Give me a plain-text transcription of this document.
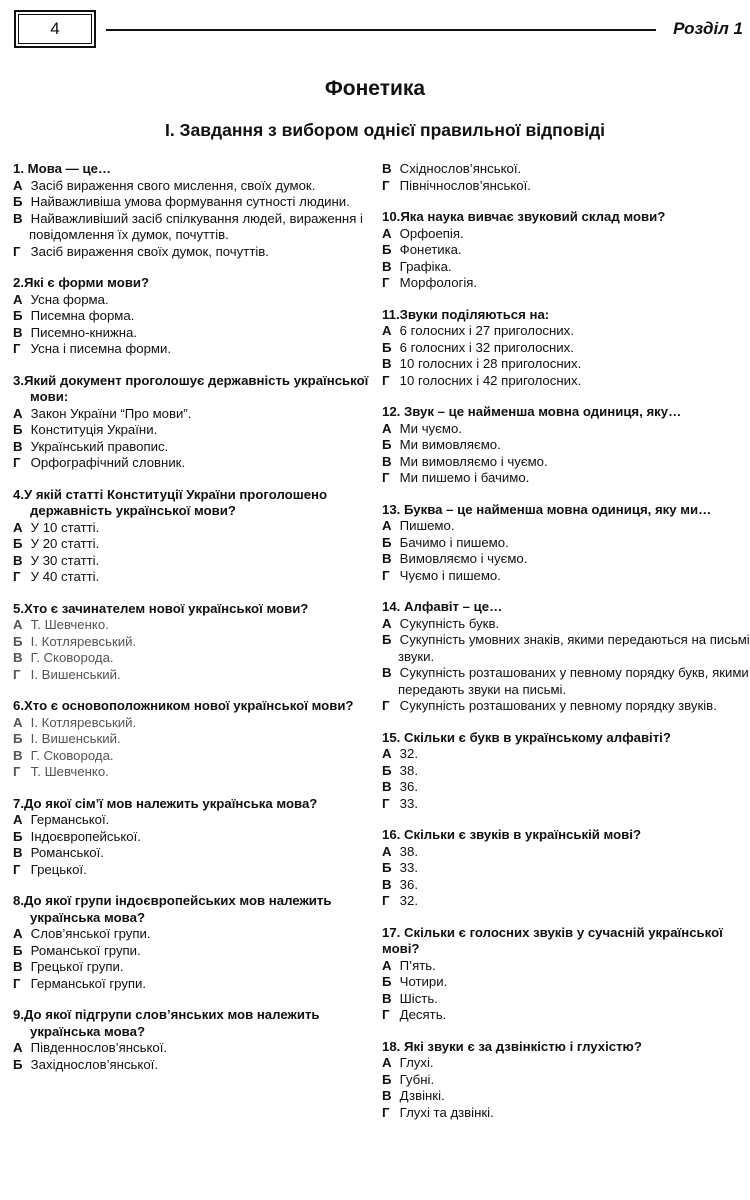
4	Розділ 1
Фонетика
І. Завдання з вибором однієї правильної відповіді
1. Мова — це…
А Засіб вираження свого мислення, своїх думок.
Б Найважливіша умова формування сутності людини.
В Найважливіший засіб спілкування людей, вираження і повідомлення їх думок, почуттів.
Г Засіб вираження своїх думок, почуттів.
2.Які є форми мови?
А Усна форма.
Б Писемна форма.
В Писемно-книжна.
Г Усна і писемна форми.
3.Який документ проголошує державність української мови:
А Закон України “Про мови”.
Б Конституція України.
В Український правопис.
Г Орфографічний словник.
4.У якій статті Конституції України проголошено державність української мови?
А У 10 статті.
Б У 20 статті.
В У 30 статті.
Г У 40 статті.
5.Хто є зачинателем нової української мови?
А Т. Шевченко.
Б І. Котляревський.
В Г. Сковорода.
Г І. Вишенський.
6.Хто є основоположником нової української мови?
А І. Котляревський.
Б І. Вишенський.
В Г. Сковорода.
Г Т. Шевченко.
7.До якої сім’ї мов належить українська мова?
А Германської.
Б Індоєвропейської.
В Романської.
Г Грецької.
8.До якої групи індоєвропейських мов належить українська мова?
А Слов’янської групи.
Б Романської групи.
В Грецької групи.
Г Германської групи.
9.До якої підгрупи слов’янських мов належить українська мова?
А Південнослов’янської.
Б Західнослов’янської.
В Східнослов’янської.
Г Північнослов’янської.
10.Яка наука вивчає звуковий склад мови?
А Орфоепія.
Б Фонетика.
В Графіка.
Г Морфологія.
11.Звуки поділяються на:
А 6 голосних і 27 приголосних.
Б 6 голосних і 32 приголосних.
В 10 голосних і 28 приголосних.
Г 10 голосних і 42 приголосних.
12. Звук – це найменша мовна одиниця, яку…
А Ми чуємо.
Б Ми вимовляємо.
В Ми вимовляємо і чуємо.
Г Ми пишемо і бачимо.
13. Буква – це найменша мовна одиниця, яку ми…
А Пишемо.
Б Бачимо і пишемо.
В Вимовляємо і чуємо.
Г Чуємо і пишемо.
14. Алфавіт – це…
А Сукупність букв.
Б Сукупність умовних знаків, якими передаються на письмі звуки.
В Сукупність розташованих у певному порядку букв, якими передають звуки на письмі.
Г Сукупність розташованих у певному порядку звуків.
15. Скільки є букв в українському алфавіті?
А 32.
Б 38.
В 36.
Г 33.
16. Скільки є звуків в українській мові?
А 38.
Б 33.
В 36.
Г 32.
17. Скільки є голосних звуків у сучасній української мові?
А П’ять.
Б Чотири.
В Шість.
Г Десять.
18. Які звуки є за дзвінкістю і глухістю?
А Глухі.
Б Губні.
В Дзвінкі.
Г Глухі та дзвінкі.
